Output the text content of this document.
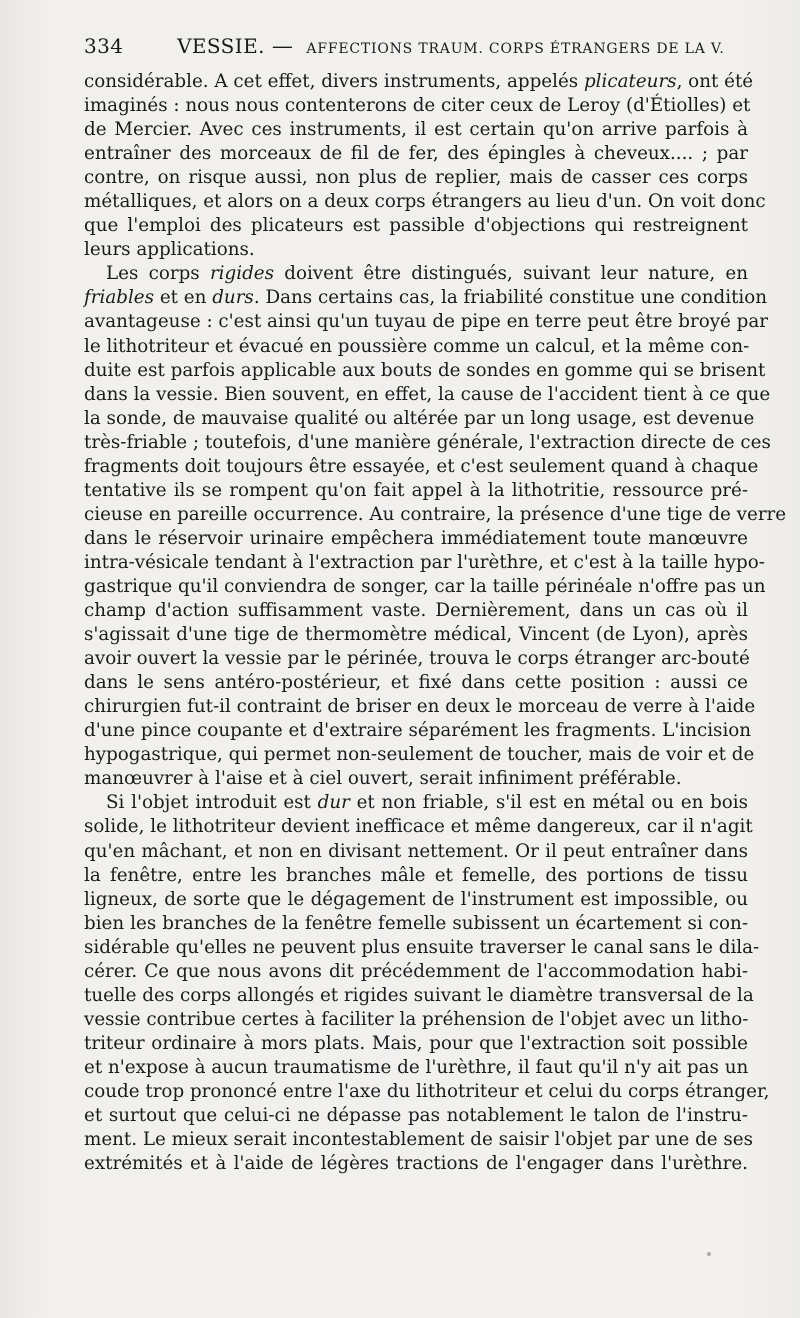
334	VESSIE. — AFFECTIONS TRAUM. CORPS ÉTRANGERS DE LA V.
considérable. A cet effet, divers instruments, appelés plicateurs, ont été
imaginés : nous nous contenterons de citer ceux de Leroy (d'Étiolles) et
de Mercier. Avec ces instruments, il est certain qu'on arrive parfois à
entraîner des morceaux de fil de fer, des épingles à cheveux.... ; par
contre, on risque aussi, non plus de replier, mais de casser ces corps
métalliques, et alors on a deux corps étrangers au lieu d'un. On voit donc
que l'emploi des plicateurs est passible d'objections qui restreignent
leurs applications.
Les corps rigides doivent être distingués, suivant leur nature, en
friables et en durs. Dans certains cas, la friabilité constitue une condition
avantageuse : c'est ainsi qu'un tuyau de pipe en terre peut être broyé par
le lithotriteur et évacué en poussière comme un calcul, et la même con-
duite est parfois applicable aux bouts de sondes en gomme qui se brisent
dans la vessie. Bien souvent, en effet, la cause de l'accident tient à ce que
la sonde, de mauvaise qualité ou altérée par un long usage, est devenue
très-friable ; toutefois, d'une manière générale, l'extraction directe de ces
fragments doit toujours être essayée, et c'est seulement quand à chaque
tentative ils se rompent qu'on fait appel à la lithotritie, ressource pré-
cieuse en pareille occurrence. Au contraire, la présence d'une tige de verre
dans le réservoir urinaire empêchera immédiatement toute manœuvre
intra-vésicale tendant à l'extraction par l'urèthre, et c'est à la taille hypo-
gastrique qu'il conviendra de songer, car la taille périnéale n'offre pas un
champ d'action suffisamment vaste. Dernièrement, dans un cas où il
s'agissait d'une tige de thermomètre médical, Vincent (de Lyon), après
avoir ouvert la vessie par le périnée, trouva le corps étranger arc-bouté
dans le sens antéro-postérieur, et fixé dans cette position : aussi ce
chirurgien fut-il contraint de briser en deux le morceau de verre à l'aide
d'une pince coupante et d'extraire séparément les fragments. L'incision
hypogastrique, qui permet non-seulement de toucher, mais de voir et de
manœuvrer à l'aise et à ciel ouvert, serait infiniment préférable.
Si l'objet introduit est dur et non friable, s'il est en métal ou en bois
solide, le lithotriteur devient inefficace et même dangereux, car il n'agit
qu'en mâchant, et non en divisant nettement. Or il peut entraîner dans
la fenêtre, entre les branches mâle et femelle, des portions de tissu
ligneux, de sorte que le dégagement de l'instrument est impossible, ou
bien les branches de la fenêtre femelle subissent un écartement si con-
sidérable qu'elles ne peuvent plus ensuite traverser le canal sans le dila-
cérer. Ce que nous avons dit précédemment de l'accommodation habi-
tuelle des corps allongés et rigides suivant le diamètre transversal de la
vessie contribue certes à faciliter la préhension de l'objet avec un litho-
triteur ordinaire à mors plats. Mais, pour que l'extraction soit possible
et n'expose à aucun traumatisme de l'urèthre, il faut qu'il n'y ait pas un
coude trop prononcé entre l'axe du lithotriteur et celui du corps étranger,
et surtout que celui-ci ne dépasse pas notablement le talon de l'instru-
ment. Le mieux serait incontestablement de saisir l'objet par une de ses
extrémités et à l'aide de légères tractions de l'engager dans l'urèthre.
